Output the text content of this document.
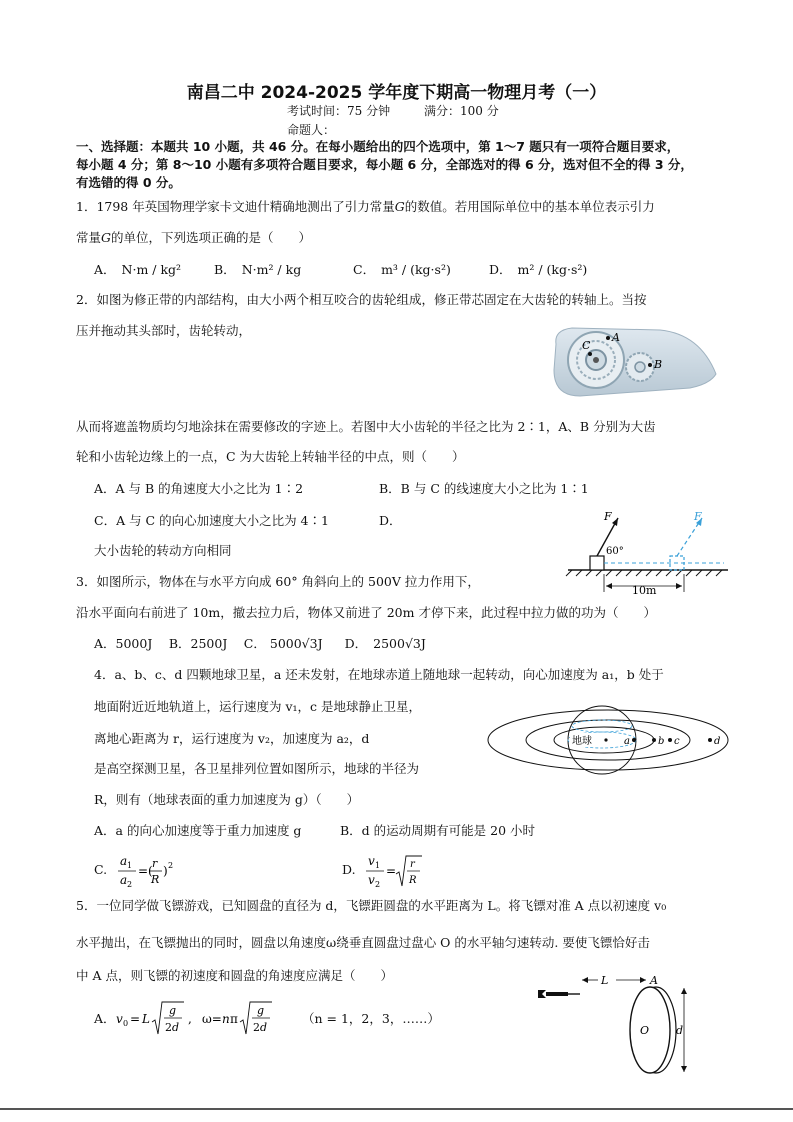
南昌二中 2024-2025 学年度下期高一物理月考（一）
考试时间：75 分钟	满分：100 分
命题人：
一、选择题：本题共 10 小题，共 46 分。在每小题给出的四个选项中，第 1～7 题只有一项符合题目要求，
每小题 4 分；第 8～10 小题有多项符合题目要求，每小题 6 分，全部选对的得 6 分，选对但不全的得 3 分，
有选错的得 0 分。
1．1798 年英国物理学家卡文迪什精确地测出了引力常量G的数值。若用国际单位中的基本单位表示引力
常量G的单位，下列选项正确的是（　　）
A． N·m / kg²	B． N·m² / kg	C． m³ / (kg·s²)	D． m² / (kg·s²)
2．如图为修正带的内部结构，由大小两个相互咬合的齿轮组成，修正带芯固定在大齿轮的转轴上。当按
压并拖动其头部时，齿轮转动，	A
B
C
从而将遮盖物质均匀地涂抹在需要修改的字迹上。若图中大小齿轮的半径之比为 2∶1，A、B 分别为大齿
轮和小齿轮边缘上的一点，C 为大齿轮上转轴半径的中点，则（　　）
A．A 与 B 的角速度大小之比为 1∶2	B．B 与 C 的线速度大小之比为 1∶1
C．A 与 C 的向心加速度大小之比为 4∶1	D．
大小齿轮的转动方向相同
F
60°
F
10m
3．如图所示，物体在与水平方向成 60° 角斜向上的 500V 拉力作用下，
沿水平面向右前进了 10m，撤去拉力后，物体又前进了 20m 才停下来，此过程中拉力做的功为（　　）
A．5000J　 B．2500J　 C． 5000√3J D． 2500√3J
4．a、b、c、d 四颗地球卫星，a 还未发射，在地球赤道上随地球一起转动，向心加速度为 a₁，b 处于
地面附近近地轨道上，运行速度为 v₁，c 是地球静止卫星，
离地心距离为 r，运行速度为 v₂，加速度为 a₂，d
是高空探测卫星，各卫星排列位置如图所示，地球的半径为
R，则有（地球表面的重力加速度为 g）（　　）
地球	a	b c	d
A．a 的向心加速度等于重力加速度 g	B．d 的运动周期有可能是 20 小时
C.
a 1
a 2
=(
r
R
) 2	D.
v 1
v 2
= r
R
5．一位同学做飞镖游戏，已知圆盘的直径为 d，飞镖距圆盘的水平距离为 L。将飞镖对准 A 点以初速度 v₀
水平抛出，在飞镖抛出的同时，圆盘以角速度ω绕垂直圆盘过盘心 O 的水平轴匀速转动. 要使飞镖恰好击
中 A 点，则飞镖的初速度和圆盘的角速度应满足（　　）
A． v 0 = L
g
2 d
, ω= n π
g
2 d
（n = 1，2，3，……）
L	A
O d
